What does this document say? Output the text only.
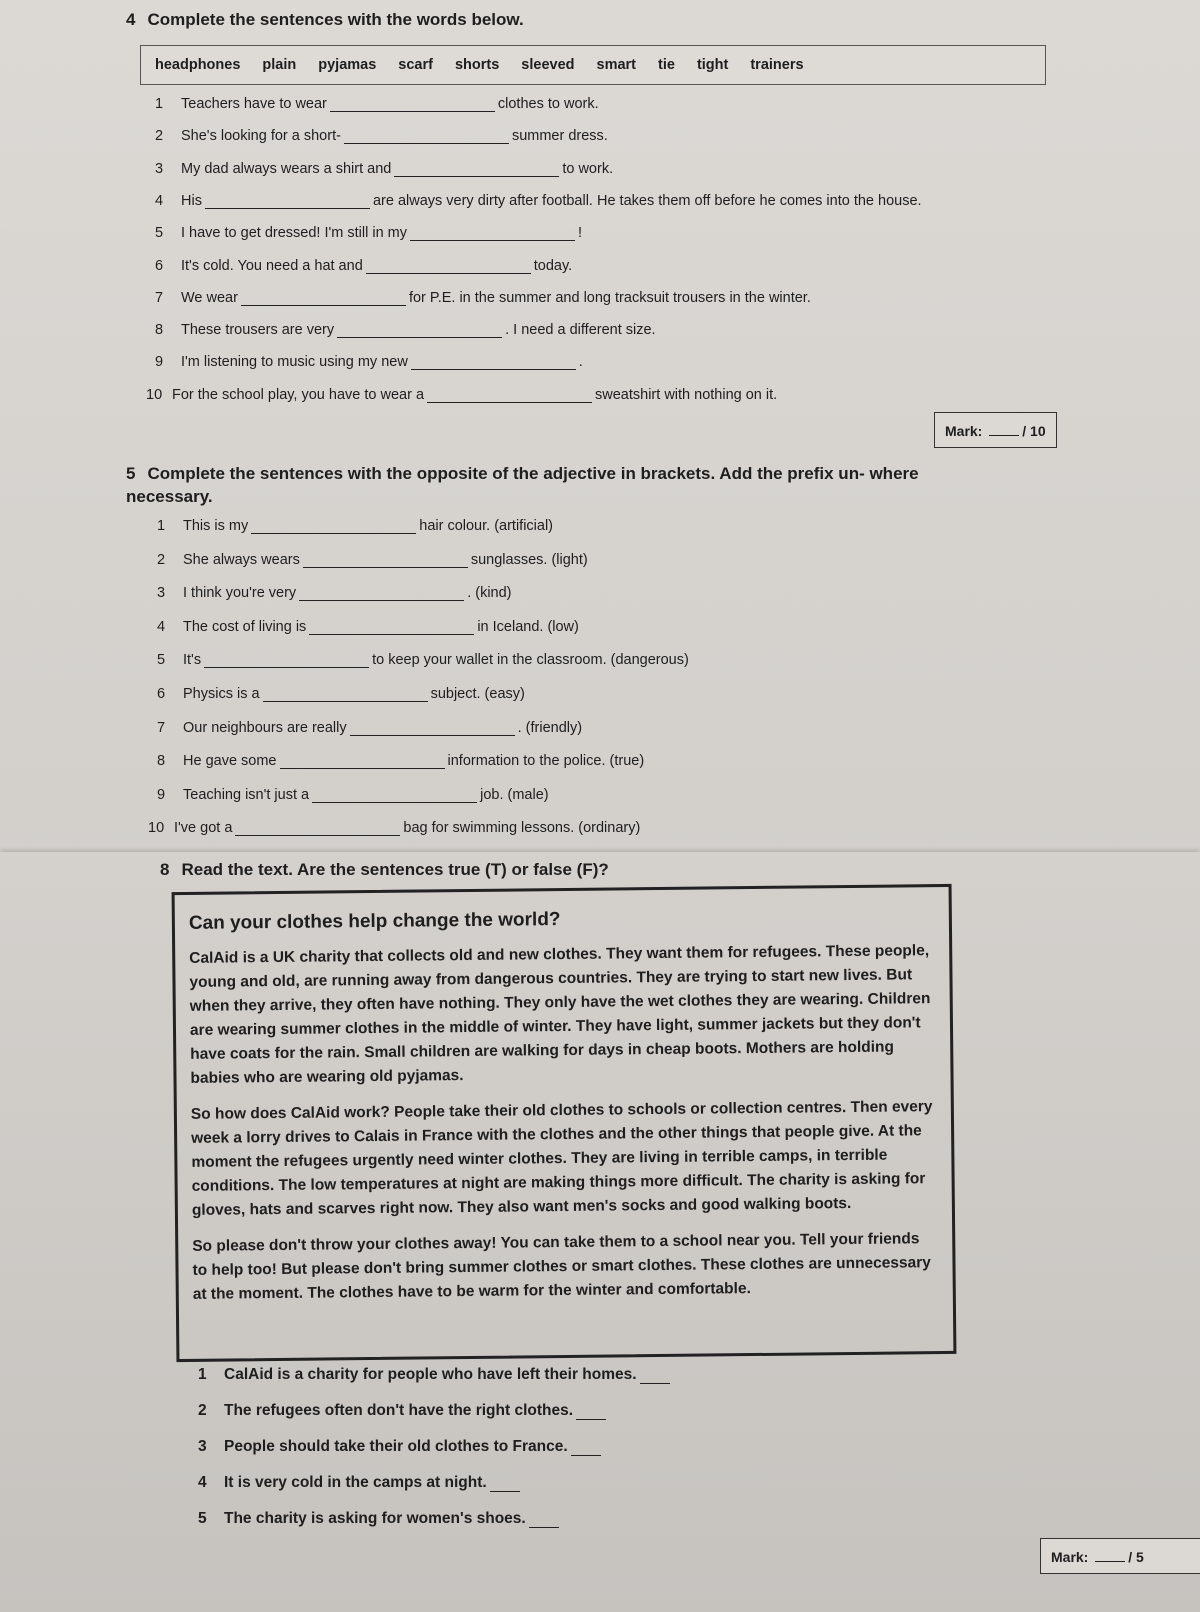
4 Complete the sentences with the words below.
headphones plain pyjamas scarf shorts sleeved smart tie tight trainers
1	Teachers have to wear	clothes to work.
2	She's looking for a short-	summer dress.
3	My dad always wears a shirt and	to work.
4	His	are always very dirty after football. He takes them off before he comes into the house.
5	I have to get dressed! I'm still in my	!
6	It's cold. You need a hat and	today.
7	We wear	for P.E. in the summer and long tracksuit trousers in the winter.
8	These trousers are very	. I need a different size.
9	I'm listening to music using my new	.
10 For the school play, you have to wear a	sweatshirt with nothing on it.
Mark:	/ 10
5 Complete the sentences with the opposite of the adjective in brackets. Add the prefix un- where necessary.
1	This is my	hair colour. (artificial)
2	She always wears	sunglasses. (light)
3	I think you're very	. (kind)
4	The cost of living is	in Iceland. (low)
5	It's	to keep your wallet in the classroom. (dangerous)
6	Physics is a	subject. (easy)
7	Our neighbours are really	. (friendly)
8	He gave some	information to the police. (true)
9	Teaching isn't just a	job. (male)
10 I've got a	bag for swimming lessons. (ordinary)
8 Read the text. Are the sentences true (T) or false (F)?
Can your clothes help change the world?

CalAid is a UK charity that collects old and new clothes. They want them for refugees. These people, young and old, are running away from dangerous countries. They are trying to start new lives. But when they arrive, they often have nothing. They only have the wet clothes they are wearing. Children are wearing summer clothes in the middle of winter. They have light, summer jackets but they don't have coats for the rain. Small children are walking for days in cheap boots. Mothers are holding babies who are wearing old pyjamas.

So how does CalAid work? People take their old clothes to schools or collection centres. Then every week a lorry drives to Calais in France with the clothes and the other things that people give. At the moment the refugees urgently need winter clothes. They are living in terrible camps, in terrible conditions. The low temperatures at night are making things more difficult. The charity is asking for gloves, hats and scarves right now. They also want men's socks and good walking boots.

So please don't throw your clothes away! You can take them to a school near you. Tell your friends to help too! But please don't bring summer clothes or smart clothes. These clothes are unnecessary at the moment. The clothes have to be warm for the winter and comfortable.

1	CalAid is a charity for people who have left their homes.
2	The refugees often don't have the right clothes.
3	People should take their old clothes to France.
4	It is very cold in the camps at night.
5	The charity is asking for women's shoes.
Mark:	/ 5
